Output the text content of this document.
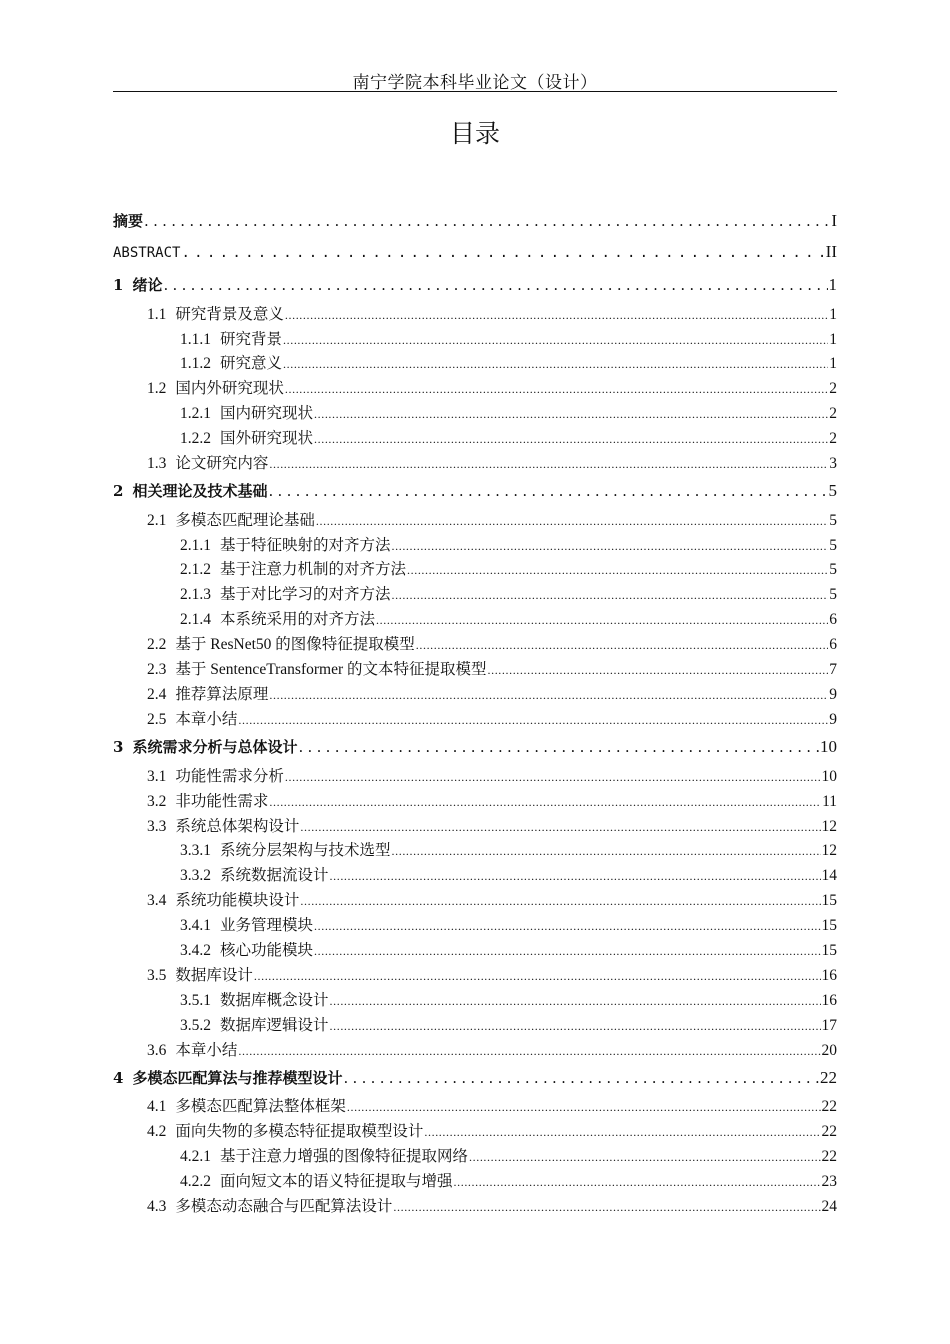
南宁学院本科毕业论文（设计）
目录
摘要 .....	I
ABSTRACT .....	II
1 绪论 .....	1
1.1 研究背景及意义 .....	1
1.1.1 研究背景 .....	1
1.1.2 研究意义 .....	1
1.2 国内外研究现状 .....	2
1.2.1 国内研究现状 .....	2
1.2.2 国外研究现状 .....	2
1.3 论文研究内容 .....	3
2 相关理论及技术基础 .....	5
2.1 多模态匹配理论基础 .....	5
2.1.1 基于特征映射的对齐方法 .....	5
2.1.2 基于注意力机制的对齐方法 .....	5
2.1.3 基于对比学习的对齐方法 .....	5
2.1.4 本系统采用的对齐方法 .....	6
2.2 基于 ResNet50 的图像特征提取模型 .....	6
2.3 基于 SentenceTransformer 的文本特征提取模型 .....	7
2.4 推荐算法原理 .....	9
2.5 本章小结 .....	9
3 系统需求分析与总体设计 .....	10
3.1 功能性需求分析 .....	10
3.2 非功能性需求 .....	11
3.3 系统总体架构设计 .....	12
3.3.1 系统分层架构与技术选型 .....	12
3.3.2 系统数据流设计 .....	14
3.4 系统功能模块设计 .....	15
3.4.1 业务管理模块 .....	15
3.4.2 核心功能模块 .....	15
3.5 数据库设计 .....	16
3.5.1 数据库概念设计 .....	16
3.5.2 数据库逻辑设计 .....	17
3.6 本章小结 .....	20
4 多模态匹配算法与推荐模型设计 .....	22
4.1 多模态匹配算法整体框架 .....	22
4.2 面向失物的多模态特征提取模型设计 .....	22
4.2.1 基于注意力增强的图像特征提取网络 .....	22
4.2.2 面向短文本的语义特征提取与增强 .....	23
4.3 多模态动态融合与匹配算法设计 .....	24
